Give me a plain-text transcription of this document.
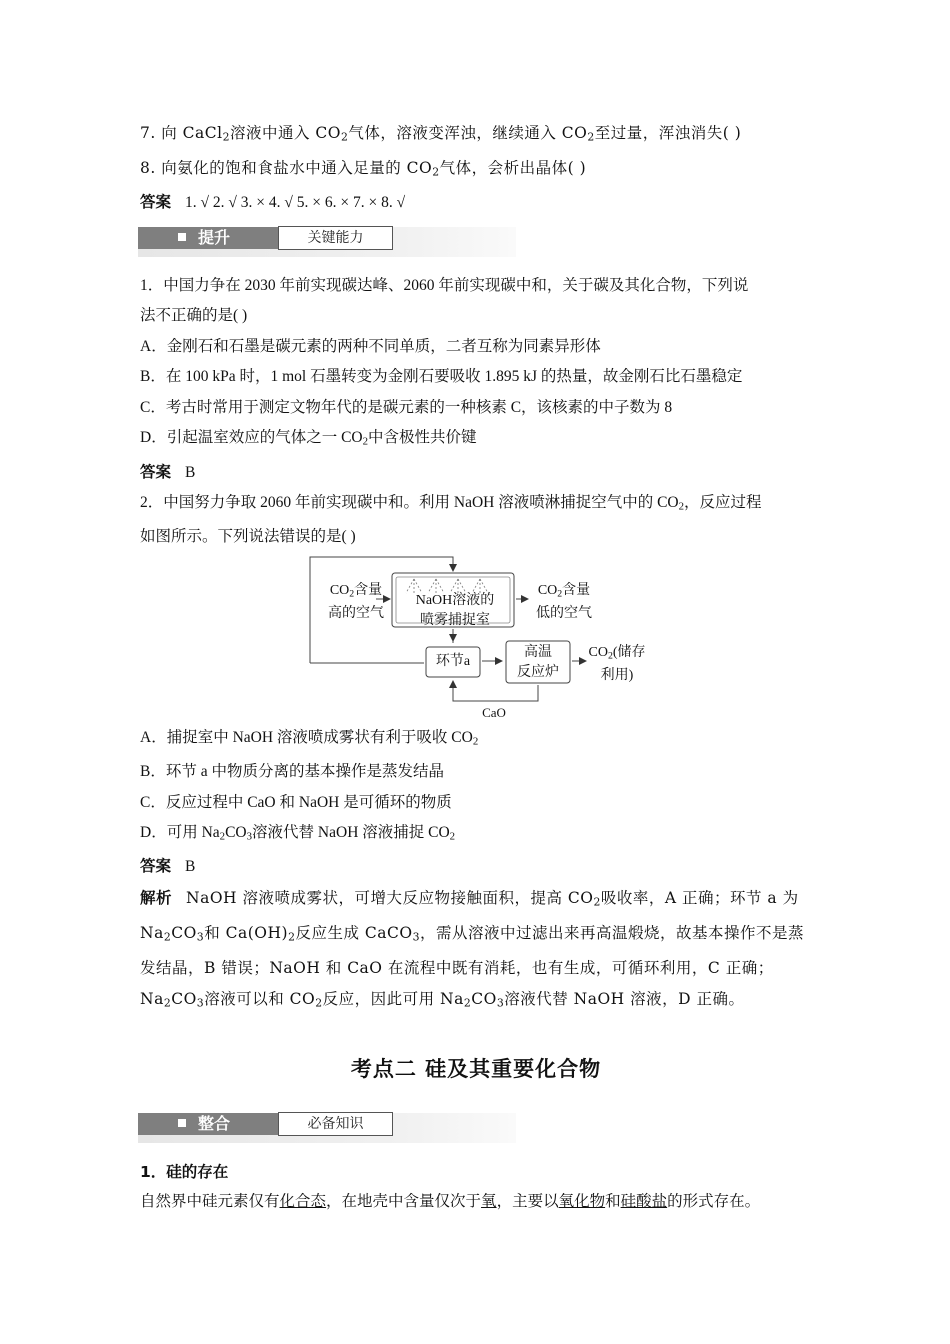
7. 向 CaCl$_2$溶液中通入 $CO_2$气体，溶液变浑浊，继续通入 $CO_2$至过量，浑浊消失( )
8. 向氨化的饱和食盐水中通入足量的 $CO_2$气体，会析出晶体( )
答案 1. √ 2. √ 3. × 4. √ 5. × 6. × 7. × 8. √
提升	关键能力
1．中国力争在 2030 年前实现碳达峰、2060 年前实现碳中和，关于碳及其化合物，下列说
法不正确的是( )
A．金刚石和石墨是碳元素的两种不同单质，二者互称为同素异形体
B．在 100 kPa 时，1 mol 石墨转变为金刚石要吸收 1.895 kJ 的热量，故金刚石比石墨稳定
C．考古时常用于测定文物年代的是碳元素的一种核素 C，该核素的中子数为 8
D．引起温室效应的气体之一 $CO_2$中含极性共价键
答案 B
2．中国努力争取 2060 年前实现碳中和。利用 NaOH 溶液喷淋捕捉空气中的 $CO_2$，反应过程
如图所示。下列说法错误的是( )
$CO_2$含量
高的空气
NaOH溶液的
喷雾捕捉室
$CO_2$含量
低的空气
环节a
高温
反应炉
$CO_2$(储存
利用)
CaO
A．捕捉室中 NaOH 溶液喷成雾状有利于吸收 $CO_2$
B．环节 a 中物质分离的基本操作是蒸发结晶
C．反应过程中 CaO 和 NaOH 是可循环的物质
D．可用 $Na_2CO_3$溶液代替 NaOH 溶液捕捉 $CO_2$
答案 B
解析 NaOH 溶液喷成雾状，可增大反应物接触面积，提高 $CO_2$吸收率，A 正确；环节 a 为
$Na_2CO_3$和 $Ca(OH)_2$反应生成 CaCO$_3$，需从溶液中过滤出来再高温煅烧，故基本操作不是蒸
发结晶，B 错误；NaOH 和 CaO 在流程中既有消耗，也有生成，可循环利用，C 正确；
$Na_2CO_3$溶液可以和 $CO_2$反应，因此可用 $Na_2CO_3$溶液代替 NaOH 溶液，D 正确。
考点二 硅及其重要化合物
整合	必备知识
1．硅的存在
自然界中硅元素仅有化合态，在地壳中含量仅次于氧，主要以氧化物和硅酸盐的形式存在。
